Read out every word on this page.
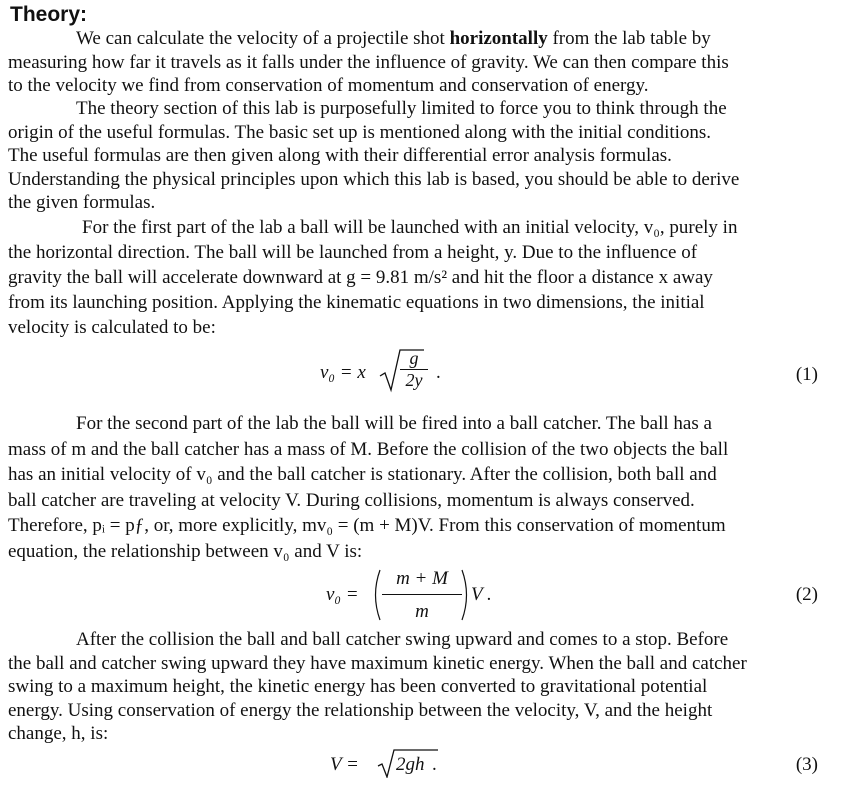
Theory:
We can calculate the velocity of a projectile shot horizontally from the lab table by
measuring how far it travels as it falls under the influence of gravity. We can then compare this
to the velocity we find from conservation of momentum and conservation of energy.
The theory section of this lab is purposefully limited to force you to think through the
origin of the useful formulas. The basic set up is mentioned along with the initial conditions.
The useful formulas are then given along with their differential error analysis formulas.
Understanding the physical principles upon which this lab is based, you should be able to derive
the given formulas.
For the first part of the lab a ball will be launched with an initial velocity, v₀, purely in
the horizontal direction. The ball will be launched from a height, y. Due to the influence of
gravity the ball will accelerate downward at g = 9.81 m/s² and hit the floor a distance x away
from its launching position. Applying the kinematic equations in two dimensions, the initial
velocity is calculated to be:
v₀ = x $\frac{g}{2y}$ .	(1)
For the second part of the lab the ball will be fired into a ball catcher. The ball has a
mass of m and the ball catcher has a mass of M. Before the collision of the two objects the ball
has an initial velocity of v₀ and the ball catcher is stationary. After the collision, both ball and
ball catcher are traveling at velocity V. During collisions, momentum is always conserved.
Therefore, pᵢ = pƒ, or, more explicitly, mv₀ = (m + M)V. From this conservation of momentum
equation, the relationship between v₀ and V is:
$v_0 = \frac{m + M}{m}$ V .	(2)
After the collision the ball and ball catcher swing upward and comes to a stop. Before
the ball and catcher swing upward they have maximum kinetic energy. When the ball and catcher
swing to a maximum height, the kinetic energy has been converted to gravitational potential
energy. Using conservation of energy the relationship between the velocity, V, and the height
change, h, is:
V = 2gh .	(3)
